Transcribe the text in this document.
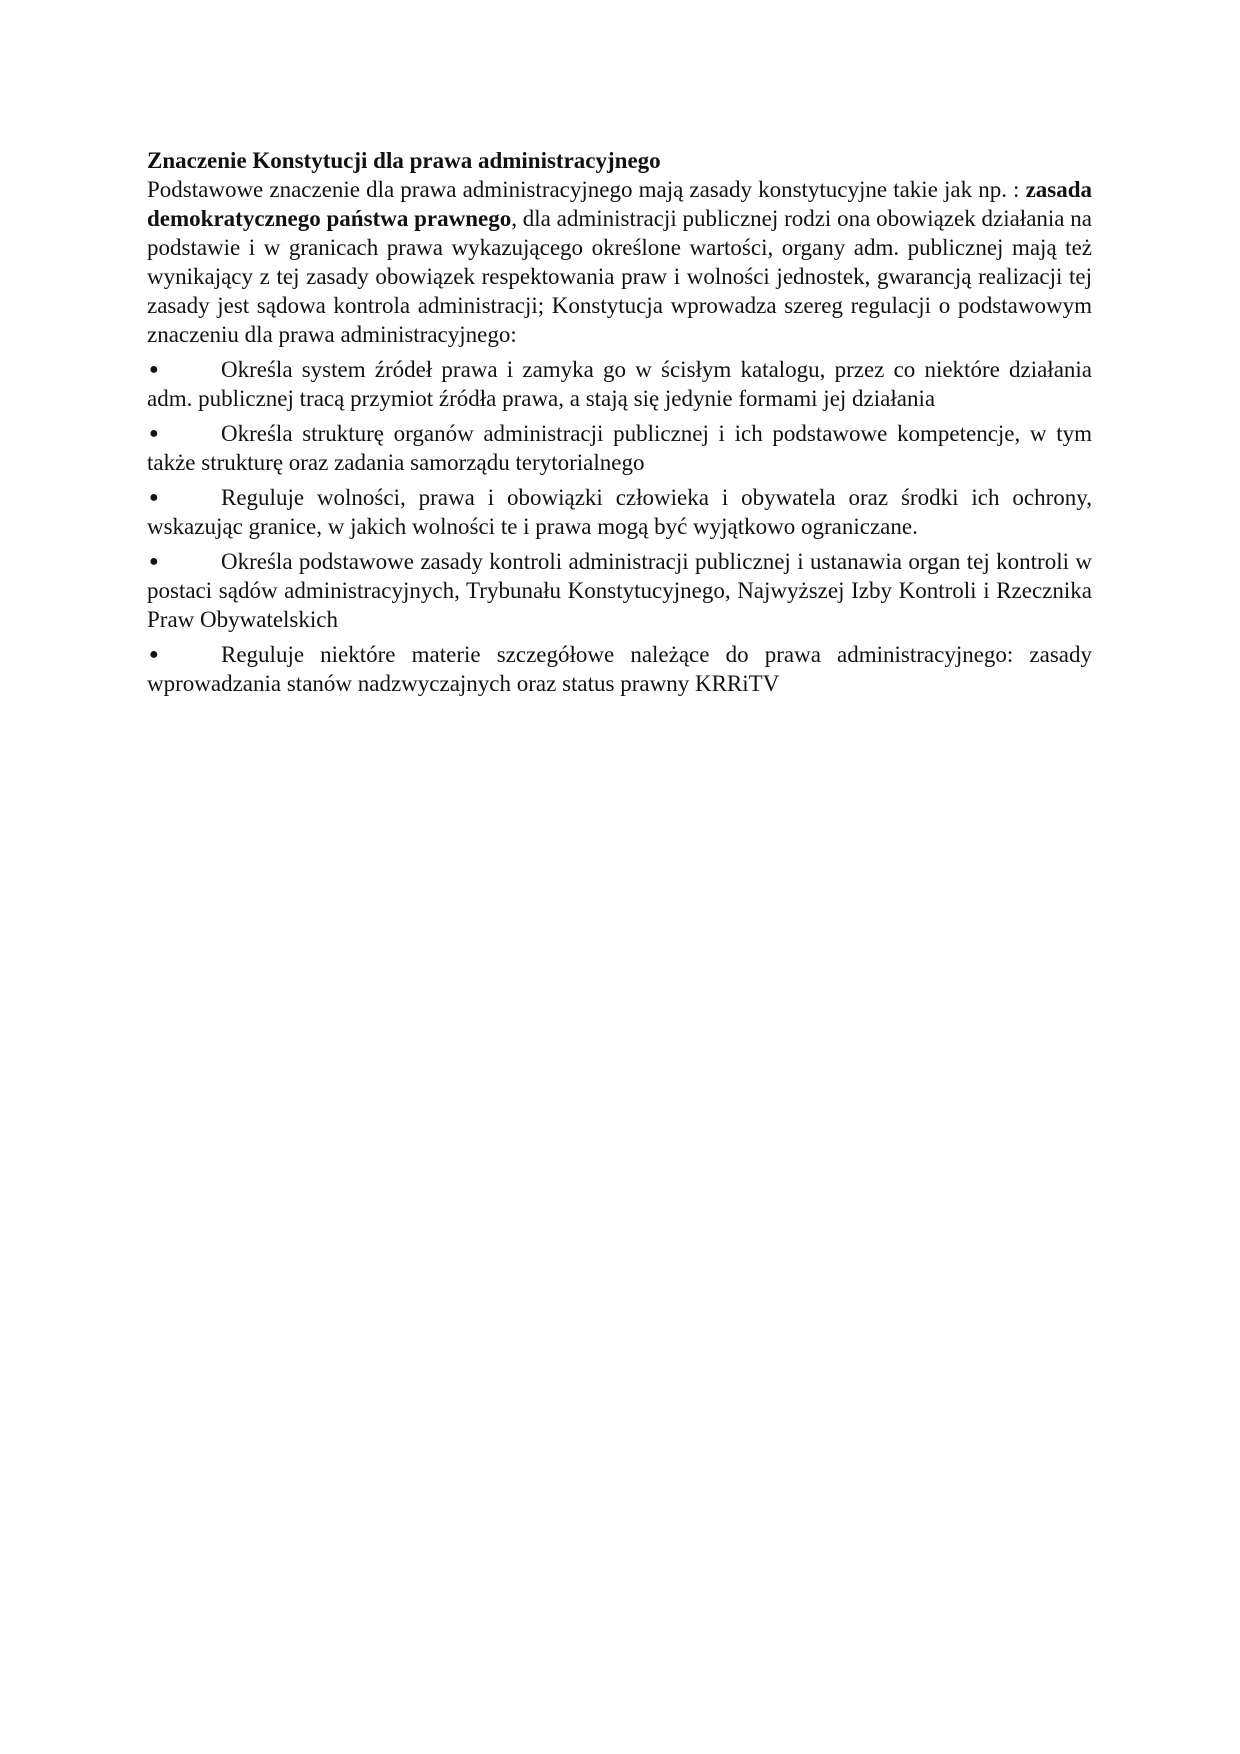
Znaczenie Konstytucji dla prawa administracyjnego

Podstawowe znaczenie dla prawa administracyjnego mają zasady konstytucyjne takie jak np. : zasada demokratycznego państwa prawnego, dla administracji publicznej rodzi ona obowiązek działania na podstawie i w granicach prawa wykazującego określone wartości, organy adm. publicznej mają też wynikający z tej zasady obowiązek respektowania praw i wolności jednostek, gwarancją realizacji tej zasady jest sądowa kontrola administracji; Konstytucja wprowadza szereg regulacji o podstawowym znaczeniu dla prawa administracyjnego:

●	Określa system źródeł prawa i zamyka go w ścisłym katalogu, przez co niektóre działania adm. publicznej tracą przymiot źródła prawa, a stają się jedynie formami jej działania
●	Określa strukturę organów administracji publicznej i ich podstawowe kompetencje, w tym także strukturę oraz zadania samorządu terytorialnego
●	Reguluje wolności, prawa i obowiązki człowieka i obywatela oraz środki ich ochrony, wskazując granice, w jakich wolności te i prawa mogą być wyjątkowo ograniczane.
●	Określa podstawowe zasady kontroli administracji publicznej i ustanawia organ tej kontroli w postaci sądów administracyjnych, Trybunału Konstytucyjnego, Najwyższej Izby Kontroli i Rzecznika Praw Obywatelskich
●	Reguluje niektóre materie szczegółowe należące do prawa administracyjnego: zasady wprowadzania stanów nadzwyczajnych oraz status prawny KRRiTV
